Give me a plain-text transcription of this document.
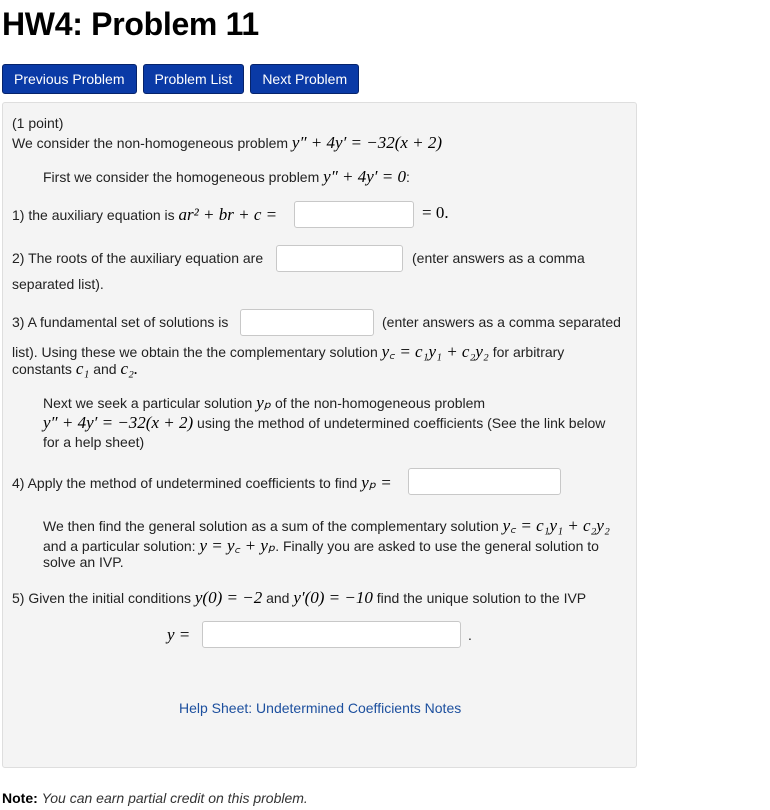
HW4: Problem 11
Previous Problem	Problem List	Next Problem
(1 point)
We consider the non-homogeneous problem y″ + 4y′ = −32(x + 2)
First we consider the homogeneous problem y″ + 4y′ = 0:
1) the auxiliary equation is ar² + br + c =	= 0.
2) The roots of the auxiliary equation are	(enter answers as a comma
separated list).
3) A fundamental set of solutions is	(enter answers as a comma separated
list). Using these we obtain the the complementary solution y꜀ = c₁y₁ + c₂y₂ for arbitrary
constants c₁ and c₂.
Next we seek a particular solution yₚ of the non-homogeneous problem
y″ + 4y′ = −32(x + 2) using the method of undetermined coefficients (See the link below
for a help sheet)
4) Apply the method of undetermined coefficients to find yₚ =
We then find the general solution as a sum of the complementary solution y꜀ = c₁y₁ + c₂y₂
and a particular solution: y = y꜀ + yₚ. Finally you are asked to use the general solution to
solve an IVP.
5) Given the initial conditions y(0) = −2 and y′(0) = −10 find the unique solution to the IVP
y =	.
Help Sheet: Undetermined Coefficients Notes
Note: You can earn partial credit on this problem.
